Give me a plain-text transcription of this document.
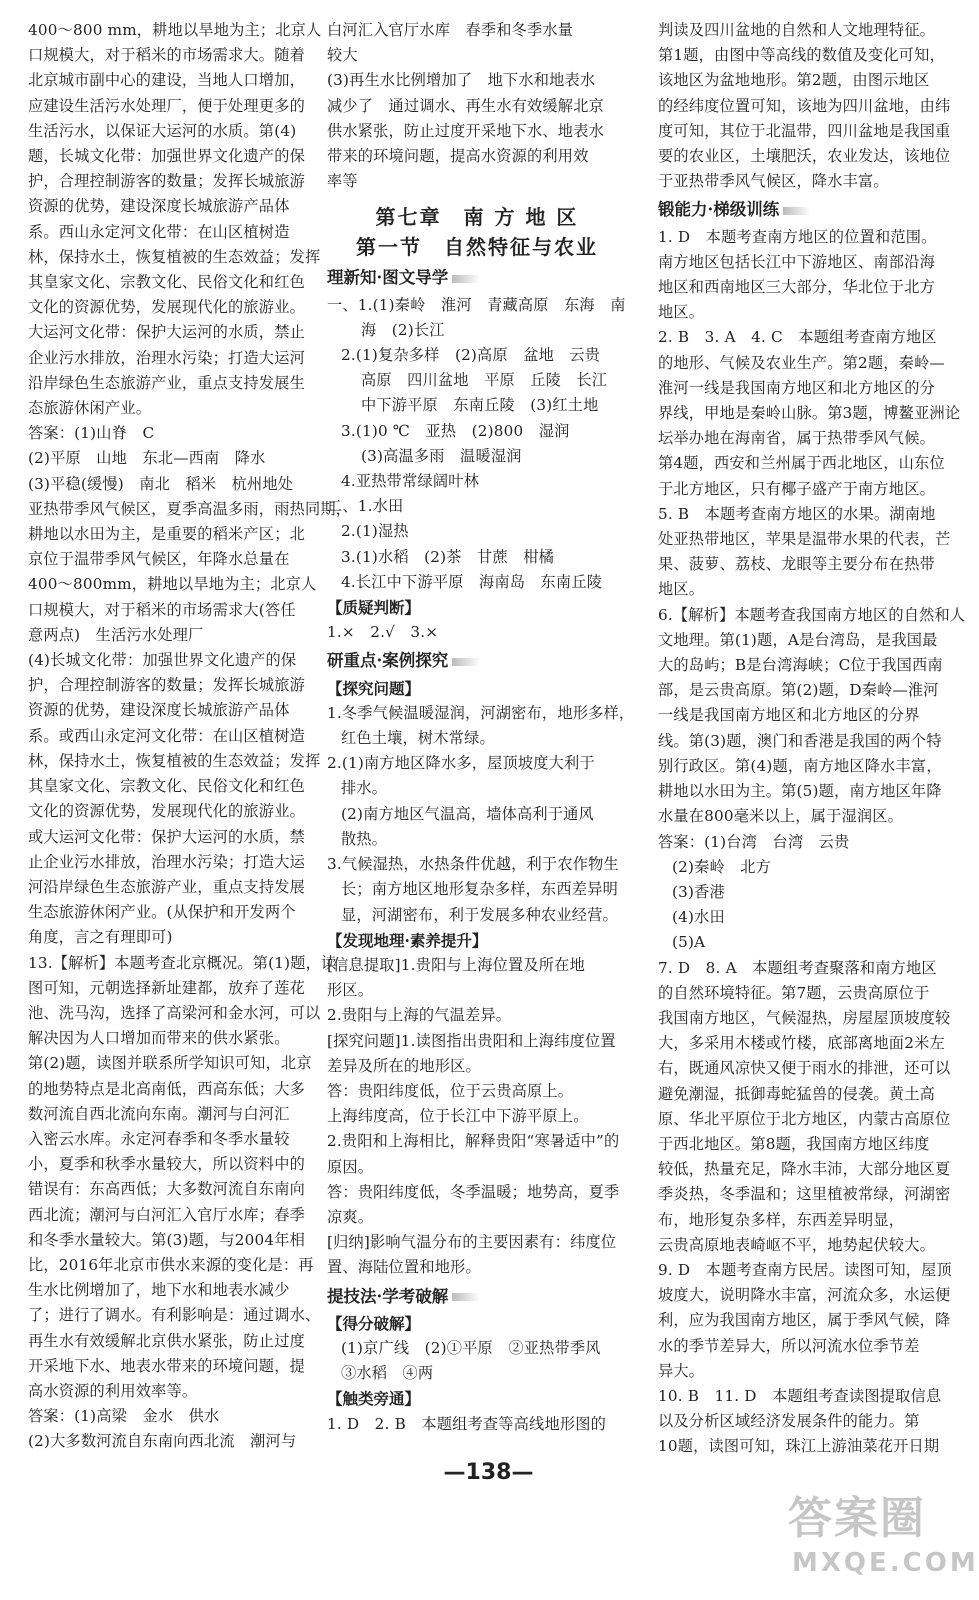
400～800 mm，耕地以旱地为主；北京人
口规模大，对于稻米的市场需求大。随着
北京城市副中心的建设，当地人口增加，
应建设生活污水处理厂，便于处理更多的
生活污水，以保证大运河的水质。第(4)
题，长城文化带：加强世界文化遗产的保
护，合理控制游客的数量；发挥长城旅游
资源的优势，建设深度长城旅游产品体
系。西山永定河文化带：在山区植树造
林，保持水土，恢复植被的生态效益；发挥
其皇家文化、宗教文化、民俗文化和红色
文化的资源优势，发展现代化的旅游业。
大运河文化带：保护大运河的水质，禁止
企业污水排放，治理水污染；打造大运河
沿岸绿色生态旅游产业，重点支持发展生
态旅游休闲产业。
答案：(1)山脊　C
(2)平原　山地　东北—西南　降水
(3)平稳(缓慢)　南北　稻米　杭州地处
亚热带季风气候区，夏季高温多雨，雨热同期，
耕地以水田为主，是重要的稻米产区；北
京位于温带季风气候区，年降水总量在
400～800mm，耕地以旱地为主；北京人
口规模大，对于稻米的市场需求大(答任
意两点)　生活污水处理厂
(4)长城文化带：加强世界文化遗产的保
护，合理控制游客的数量；发挥长城旅游
资源的优势，建设深度长城旅游产品体
系。或西山永定河文化带：在山区植树造
林，保持水土，恢复植被的生态效益；发挥
其皇家文化、宗教文化、民俗文化和红色
文化的资源优势，发展现代化的旅游业。
或大运河文化带：保护大运河的水质，禁
止企业污水排放，治理水污染；打造大运
河沿岸绿色生态旅游产业，重点支持发展
生态旅游休闲产业。(从保护和开发两个
角度，言之有理即可)
13.【解析】本题考查北京概况。第(1)题，读
图可知，元朝选择新址建都，放弃了莲花
池、洗马沟，选择了高梁河和金水河，可以
解决因为人口增加而带来的供水紧张。
第(2)题，读图并联系所学知识可知，北京
的地势特点是北高南低，西高东低；大多
数河流自西北流向东南。潮河与白河汇
入密云水库。永定河春季和冬季水量较
小，夏季和秋季水量较大，所以资料中的
错误有：东高西低；大多数河流自东南向
西北流；潮河与白河汇入官厅水库；春季
和冬季水量较大。第(3)题，与2004年相
比，2016年北京市供水来源的变化是：再
生水比例增加了，地下水和地表水减少
了；进行了调水。有利影响是：通过调水、
再生水有效缓解北京供水紧张，防止过度
开采地下水、地表水带来的环境问题，提
高水资源的利用效率等。
答案：(1)高梁　金水　供水
(2)大多数河流自东南向西北流　潮河与
白河汇入官厅水库　春季和冬季水量
较大
(3)再生水比例增加了　地下水和地表水
减少了　通过调水、再生水有效缓解北京
供水紧张，防止过度开采地下水、地表水
带来的环境问题，提高水资源的利用效
率等
第七章　南 方 地 区
第一节　自然特征与农业
理新知·图文导学
一、1.(1)秦岭　淮河　青藏高原　东海　南
海　(2)长江
2.(1)复杂多样　(2)高原　盆地　云贵
高原　四川盆地　平原　丘陵　长江
中下游平原　东南丘陵　(3)红土地
3.(1)0 ℃　亚热　(2)800　湿润
(3)高温多雨　温暖湿润
4.亚热带常绿阔叶林
二、1.水田
2.(1)湿热
3.(1)水稻　(2)茶　甘蔗　柑橘
4.长江中下游平原　海南岛　东南丘陵
【质疑判断】
1.×　2.√　3.×
研重点·案例探究
【探究问题】
1.冬季气候温暖湿润，河湖密布，地形多样，
红色土壤，树木常绿。
2.(1)南方地区降水多，屋顶坡度大利于
排水。
(2)南方地区气温高，墙体高利于通风
散热。
3.气候湿热，水热条件优越，利于农作物生
长；南方地区地形复杂多样，东西差异明
显，河湖密布，利于发展多种农业经营。
【发现地理·素养提升】
[信息提取]1.贵阳与上海位置及所在地
形区。
2.贵阳与上海的气温差异。
[探究问题]1.读图指出贵阳和上海纬度位置
差异及所在的地形区。
答：贵阳纬度低，位于云贵高原上。
上海纬度高，位于长江中下游平原上。
2.贵阳和上海相比，解释贵阳“寒暑适中”的
原因。
答：贵阳纬度低，冬季温暖；地势高，夏季
凉爽。
[归纳]影响气温分布的主要因素有：纬度位
置、海陆位置和地形。
提技法·学考破解
【得分破解】
(1)京广线　(2)①平原　②亚热带季风
③水稻　④两
【触类旁通】
1. D　2. B　本题组考查等高线地形图的
判读及四川盆地的自然和人文地理特征。
第1题，由图中等高线的数值及变化可知，
该地区为盆地地形。第2题，由图示地区
的经纬度位置可知，该地为四川盆地，由纬
度可知，其位于北温带，四川盆地是我国重
要的农业区，土壤肥沃，农业发达，该地位
于亚热带季风气候区，降水丰富。
锻能力·梯级训练
1. D　本题考查南方地区的位置和范围。
南方地区包括长江中下游地区、南部沿海
地区和西南地区三大部分，华北位于北方
地区。
2. B　3. A　4. C　本题组考查南方地区
的地形、气候及农业生产。第2题，秦岭—
淮河一线是我国南方地区和北方地区的分
界线，甲地是秦岭山脉。第3题，博鳌亚洲论
坛举办地在海南省，属于热带季风气候。
第4题，西安和兰州属于西北地区，山东位
于北方地区，只有椰子盛产于南方地区。
5. B　本题考查南方地区的水果。湖南地
处亚热带地区，苹果是温带水果的代表，芒
果、菠萝、荔枝、龙眼等主要分布在热带
地区。
6.【解析】本题考查我国南方地区的自然和人
文地理。第(1)题，A是台湾岛，是我国最
大的岛屿；B是台湾海峡；C位于我国西南
部，是云贵高原。第(2)题，D秦岭—淮河
一线是我国南方地区和北方地区的分界
线。第(3)题，澳门和香港是我国的两个特
别行政区。第(4)题，南方地区降水丰富，
耕地以水田为主。第(5)题，南方地区年降
水量在800毫米以上，属于湿润区。
答案：(1)台湾　台湾　云贵
(2)秦岭　北方
(3)香港
(4)水田
(5)A
7. D　8. A　本题组考查聚落和南方地区
的自然环境特征。第7题，云贵高原位于
我国南方地区，气候湿热，房屋屋顶坡度较
大，多采用木楼或竹楼，底部离地面2米左
右，既通风凉快又便于雨水的排泄，还可以
避免潮湿，抵御毒蛇猛兽的侵袭。黄土高
原、华北平原位于北方地区，内蒙古高原位
于西北地区。第8题，我国南方地区纬度
较低，热量充足，降水丰沛，大部分地区夏
季炎热，冬季温和；这里植被常绿，河湖密
布，地形复杂多样，东西差异明显，
云贵高原地表崎岖不平，地势起伏较大。
9. D　本题考查南方民居。读图可知，屋顶
坡度大，说明降水丰富，河流众多，水运便
利，应为我国南方地区，属于季风气候，降
水的季节差异大，所以河流水位季节差
异大。
10. B　11. D　本题组考查读图提取信息
以及分析区域经济发展条件的能力。第
10题，读图可知，珠江上游油菜花开日期
—138—
答案圈
MXQE.COM
